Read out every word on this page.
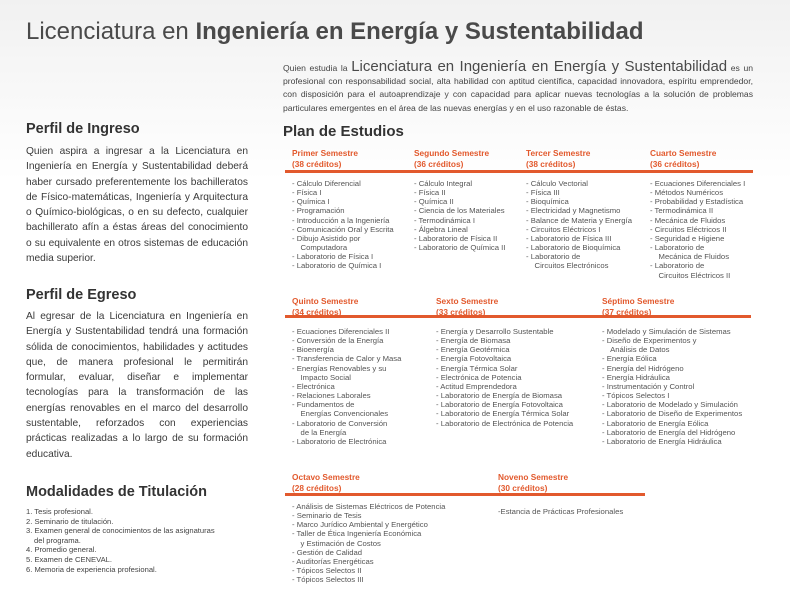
Licenciatura en Ingeniería en Energía y Sustentabilidad

Quien estudia la Licenciatura en Ingeniería en Energía y Sustentabilidad es un profesional con responsabilidad social, alta habilidad con aptitud científica, capacidad innovadora, espíritu emprendedor, con disposición para el autoaprendizaje y con capacidad para aplicar nuevas tecnologías a la solución de problemas particulares emergentes en el área de las nuevas energías y en el uso razonable de éstas.

Perfil de Ingreso

Quien aspira a ingresar a la Licenciatura en Ingeniería en Energía y Sustentabilidad deberá haber cursado preferentemente los bachilleratos de Físico-matemáticas, Ingeniería y Arquitectura o Químico-biológicas, o en su defecto, cualquier bachillerato afín a éstas áreas del conocimiento o su equivalente en otros sistemas de educación media superior.

Perfil de Egreso

Al egresar de la Licenciatura en Ingeniería en Energía y Sustentabilidad tendrá una formación sólida de conocimientos, habilidades y actitudes que, de manera profesional le permitirán formular, evaluar, diseñar e implementar tecnologías para la transformación de las energías renovables en el marco del desarrollo sustentable, reforzados con experiencias prácticas realizadas a lo largo de su formación educativa.

Modalidades de Titulación
1. Tesis profesional.
2. Seminario de titulación.
3. Examen general de conocimientos de las asignaturas
del programa.
4. Promedio general.
5. Examen de CENEVAL.
6. Memoria de experiencia profesional.
Plan de Estudios
Primer Semestre
(38 créditos)
- Cálculo Diferencial
- Física I
- Química I
- Programación
- Introducción a la Ingeniería
- Comunicación Oral y Escrita
- Dibujo Asistido por
Computadora
- Laboratorio de Física I
- Laboratorio de Química I
Segundo Semestre
(36 créditos)
- Cálculo Integral
- Física II
- Química II
- Ciencia de los Materiales
- Termodinámica I
- Álgebra Lineal
- Laboratorio de Física II
- Laboratorio de Química II
Tercer Semestre
(38 créditos)
- Cálculo Vectorial
- Física III
- Bioquímica
- Electricidad y Magnetismo
- Balance de Materia y Energía
- Circuitos Eléctricos I
- Laboratorio de Física III
- Laboratorio de Bioquímica
- Laboratorio de
Circuitos Electrónicos
Cuarto Semestre
(36 créditos)
- Ecuaciones Diferenciales I
- Métodos Numéricos
- Probabilidad y Estadística
- Termodinámica II
- Mecánica de Fluidos
- Circuitos Eléctricos II
- Seguridad e Higiene
- Laboratorio de
Mecánica de Fluidos
- Laboratorio de
Circuitos Eléctricos II
Quinto Semestre
(34 créditos)
- Ecuaciones Diferenciales II
- Conversión de la Energía
- Bioenergía
- Transferencia de Calor y Masa
- Energías Renovables y su
Impacto Social
- Electrónica
- Relaciones Laborales
- Fundamentos de
Energías Convencionales
- Laboratorio de Conversión
de la Energía
- Laboratorio de Electrónica
Sexto Semestre
(33 créditos)
- Energía y Desarrollo Sustentable
- Energía de Biomasa
- Energía Geotérmica
- Energía Fotovoltaica
- Energía Térmica Solar
- Electrónica de Potencia
- Actitud Emprendedora
- Laboratorio de Energía de Biomasa
- Laboratorio de Energía Fotovoltaica
- Laboratorio de Energía Térmica Solar
- Laboratorio de Electrónica de Potencia
Séptimo Semestre
(37 créditos)
- Modelado y Simulación de Sistemas
- Diseño de Experimentos y
Análisis de Datos
- Energía Eólica
- Energía del Hidrógeno
- Energía Hidráulica
- Instrumentación y Control
- Tópicos Selectos I
- Laboratorio de Modelado y Simulación
- Laboratorio de Diseño de Experimentos
- Laboratorio de Energía Eólica
- Laboratorio de Energía del Hidrógeno
- Laboratorio de Energía Hidráulica
Octavo Semestre
(28 créditos)
- Análisis de Sistemas Eléctricos de Potencia
- Seminario de Tesis
- Marco Jurídico Ambiental y Energético
- Taller de Ética Ingeniería Económica
y Estimación de Costos
- Gestión de Calidad
- Auditorías Energéticas
- Tópicos Selectos II
- Tópicos Selectos III
Noveno Semestre
(30 créditos)
-Estancia de Prácticas Profesionales
